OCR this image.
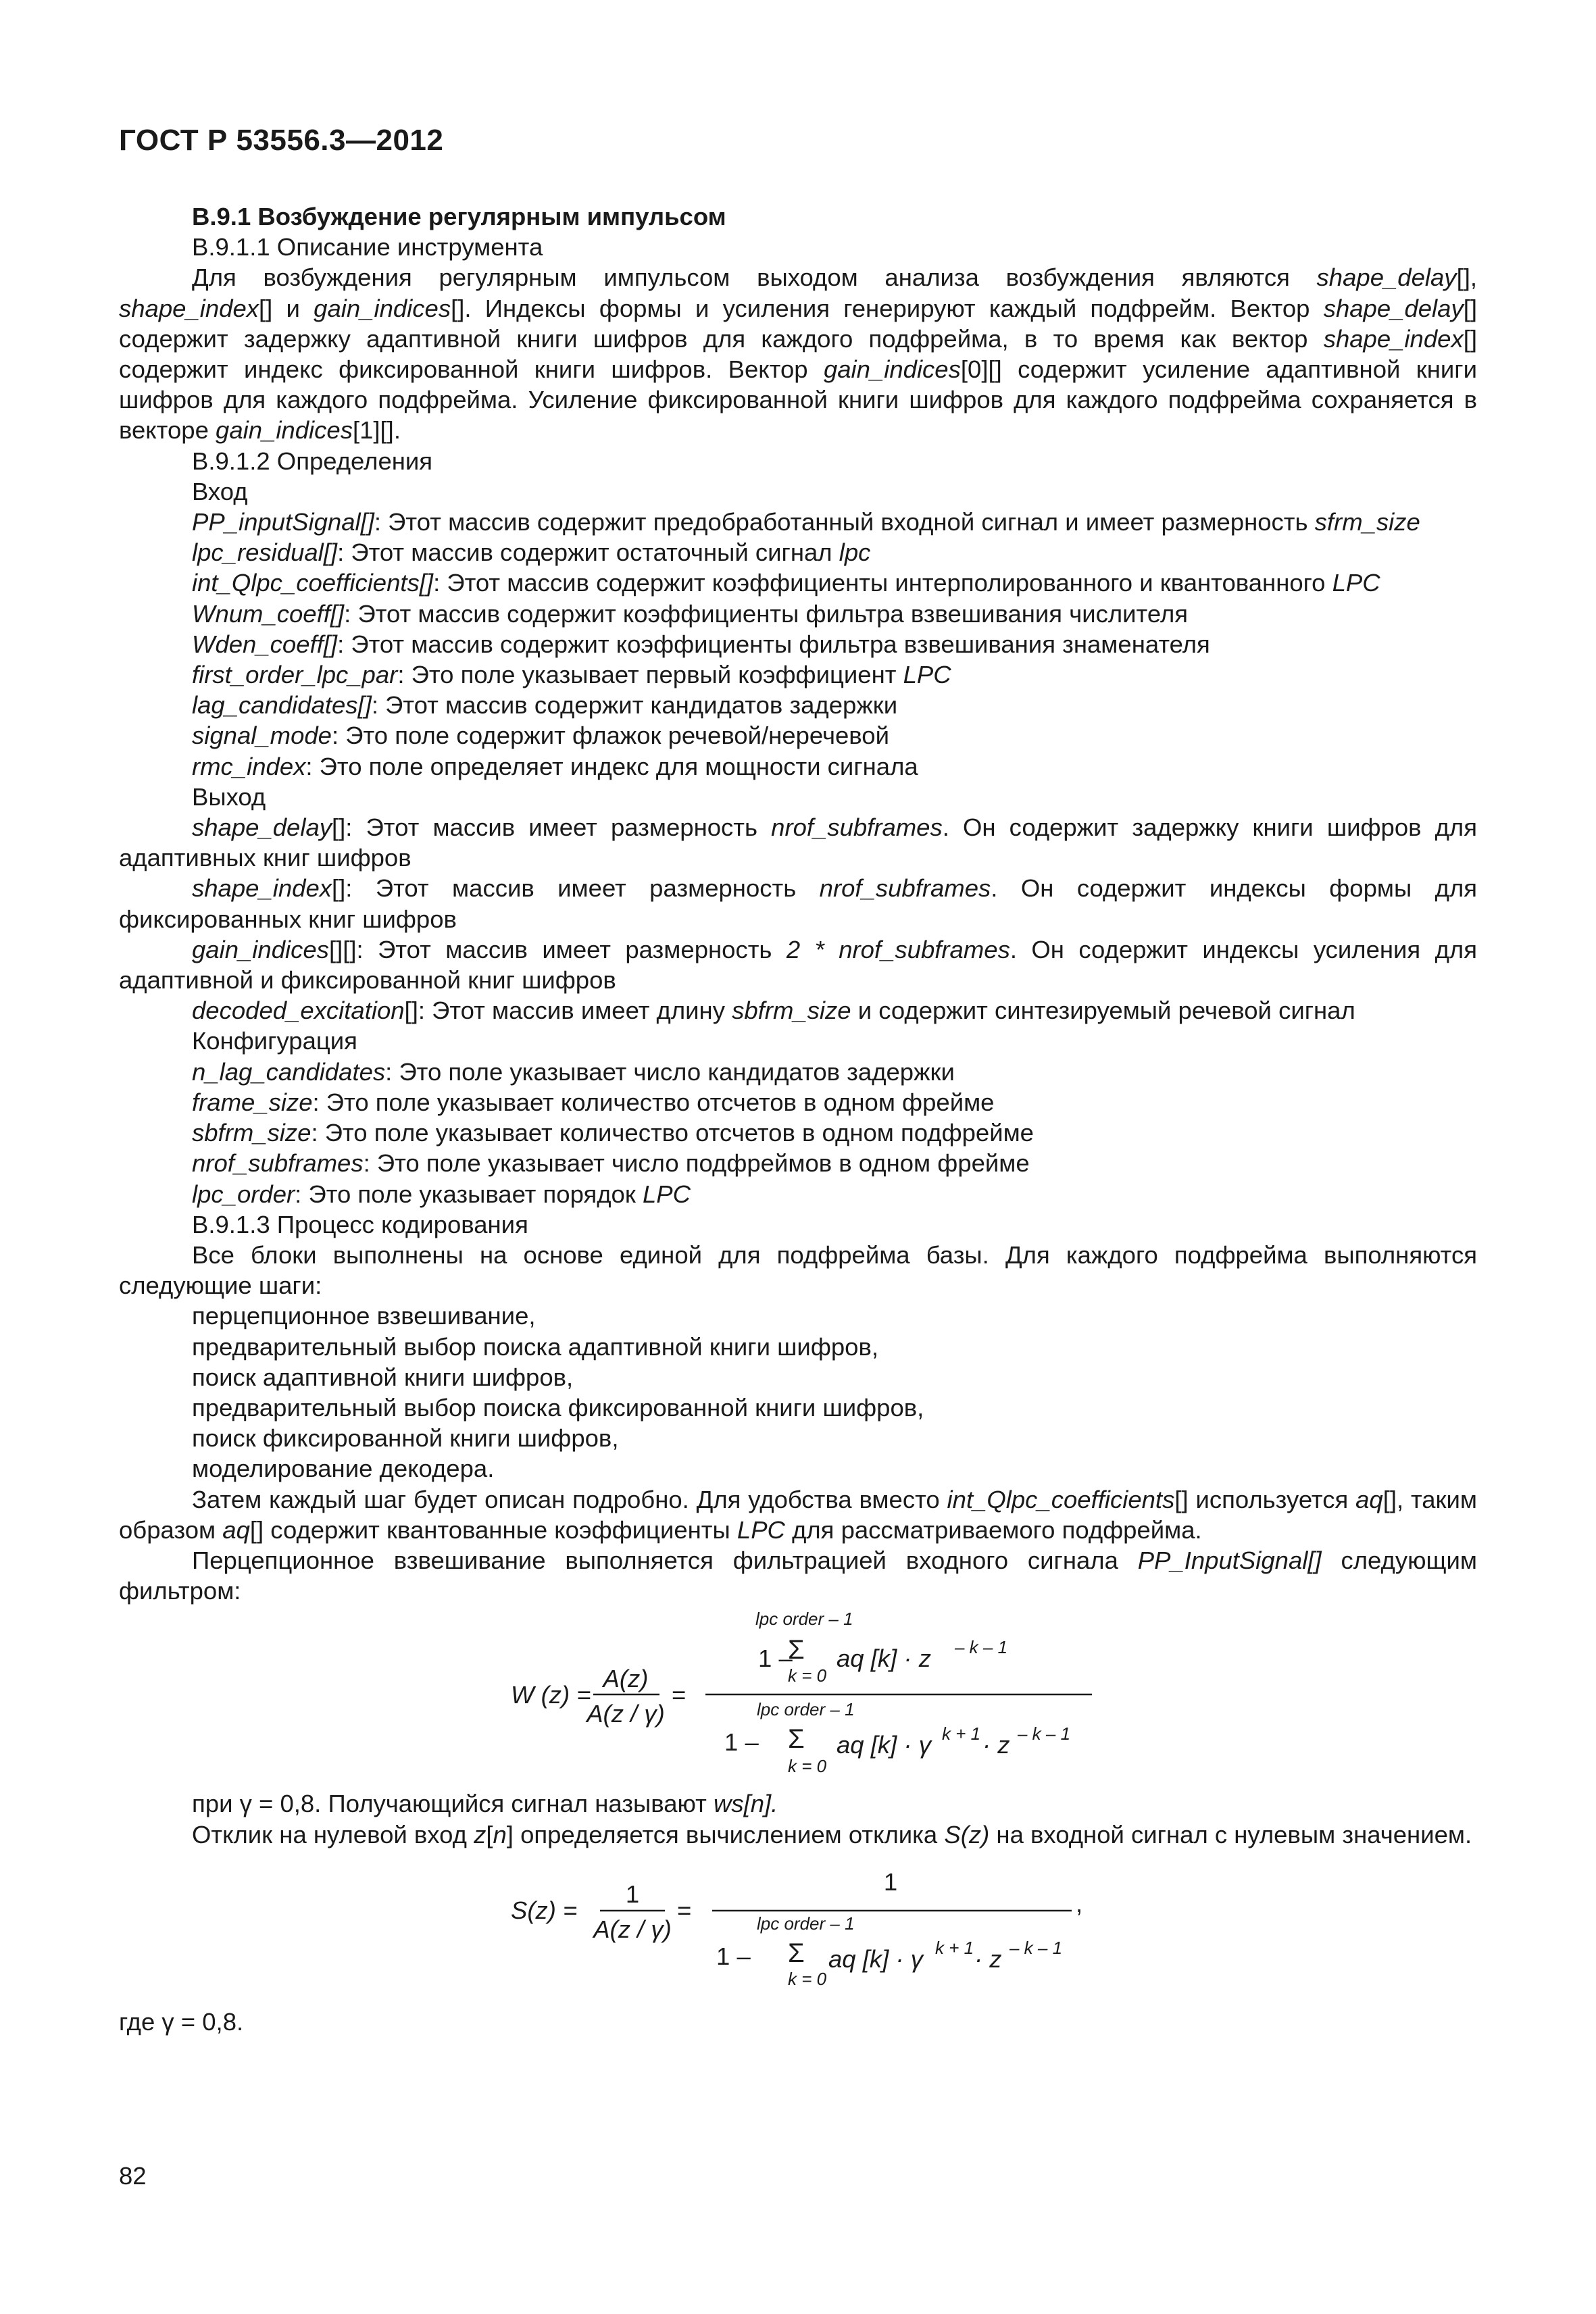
ГОСТ Р 53556.3—2012

B.9.1 Возбуждение регулярным импульсом

B.9.1.1 Описание инструмента

Для возбуждения регулярным импульсом выходом анализа возбуждения являются shape_delay[], shape_index[] и gain_indices[]. Индексы формы и усиления генерируют каждый подфрейм. Вектор shape_delay[] содержит задержку адаптивной книги шифров для каждого подфрейма, в то время как вектор shape_index[] содержит индекс фиксированной книги шифров. Вектор gain_indices[0][] содержит усиление адаптивной книги шифров для каждого подфрейма. Усиление фиксированной книги шифров для каждого подфрейма сохраняется в векторе gain_indices[1][].

B.9.1.2 Определения

Вход

PP_inputSignal[]: Этот массив содержит предобработанный входной сигнал и имеет размерность sfrm_size

lpc_residual[]: Этот массив содержит остаточный сигнал lpc

int_Qlpc_coefficients[]: Этот массив содержит коэффициенты интерполированного и квантованного LPC

Wnum_coeff[]: Этот массив содержит коэффициенты фильтра взвешивания числителя

Wden_coeff[]: Этот массив содержит коэффициенты фильтра взвешивания знаменателя

first_order_lpc_par: Это поле указывает первый коэффициент LPC

lag_candidates[]: Этот массив содержит кандидатов задержки

signal_mode: Это поле содержит флажок речевой/неречевой

rmc_index: Это поле определяет индекс для мощности сигнала

Выход

shape_delay[]: Этот массив имеет размерность nrof_subframes. Он содержит задержку книги шифров для адаптивных книг шифров

shape_index[]: Этот массив имеет размерность nrof_subframes. Он содержит индексы формы для фиксированных книг шифров

gain_indices[][]: Этот массив имеет размерность 2 * nrof_subframes. Он содержит индексы усиления для адаптивной и фиксированной книг шифров

decoded_excitation[]: Этот массив имеет длину sbfrm_size и содержит синтезируемый речевой сигнал

Конфигурация

n_lag_candidates: Это поле указывает число кандидатов задержки

frame_size: Это поле указывает количество отсчетов в одном фрейме

sbfrm_size: Это поле указывает количество отсчетов в одном подфрейме

nrof_subframes: Это поле указывает число подфреймов в одном фрейме

lpc_order: Это поле указывает порядок LPC

B.9.1.3 Процесс кодирования

Все блоки выполнены на основе единой для подфрейма базы. Для каждого подфрейма выполняются следующие шаги:

перцепционное взвешивание,

предварительный выбор поиска адаптивной книги шифров,

поиск адаптивной книги шифров,

предварительный выбор поиска фиксированной книги шифров,

поиск фиксированной книги шифров,

моделирование декодера.

Затем каждый шаг будет описан подробно. Для удобства вместо int_Qlpc_coefficients[] используется aq[], таким образом aq[] содержит квантованные коэффициенты LPC для рассматриваемого подфрейма.

Перцепционное взвешивание выполняется фильтрацией входного сигнала PP_InputSignal[] следующим фильтром:

W (z) =
A(z)
A(z / γ)
=
lpc order – 1
1 –
Σ
k = 0
aq [k] · z – k – 1
lpc order – 1
1 – Σ
k = 0
aq [k] · γ k + 1 · z – k – 1

при γ = 0,8. Получающийся сигнал называют ws[n].

Отклик на нулевой вход z[n] определяется вычислением отклика S(z) на входной сигнал с нулевым значением.

S(z) =
1
A(z / γ)
=
1
,
lpc order – 1
1 – Σ
k = 0
aq [k] · γ k + 1 · z – k – 1

где γ = 0,8.

82
